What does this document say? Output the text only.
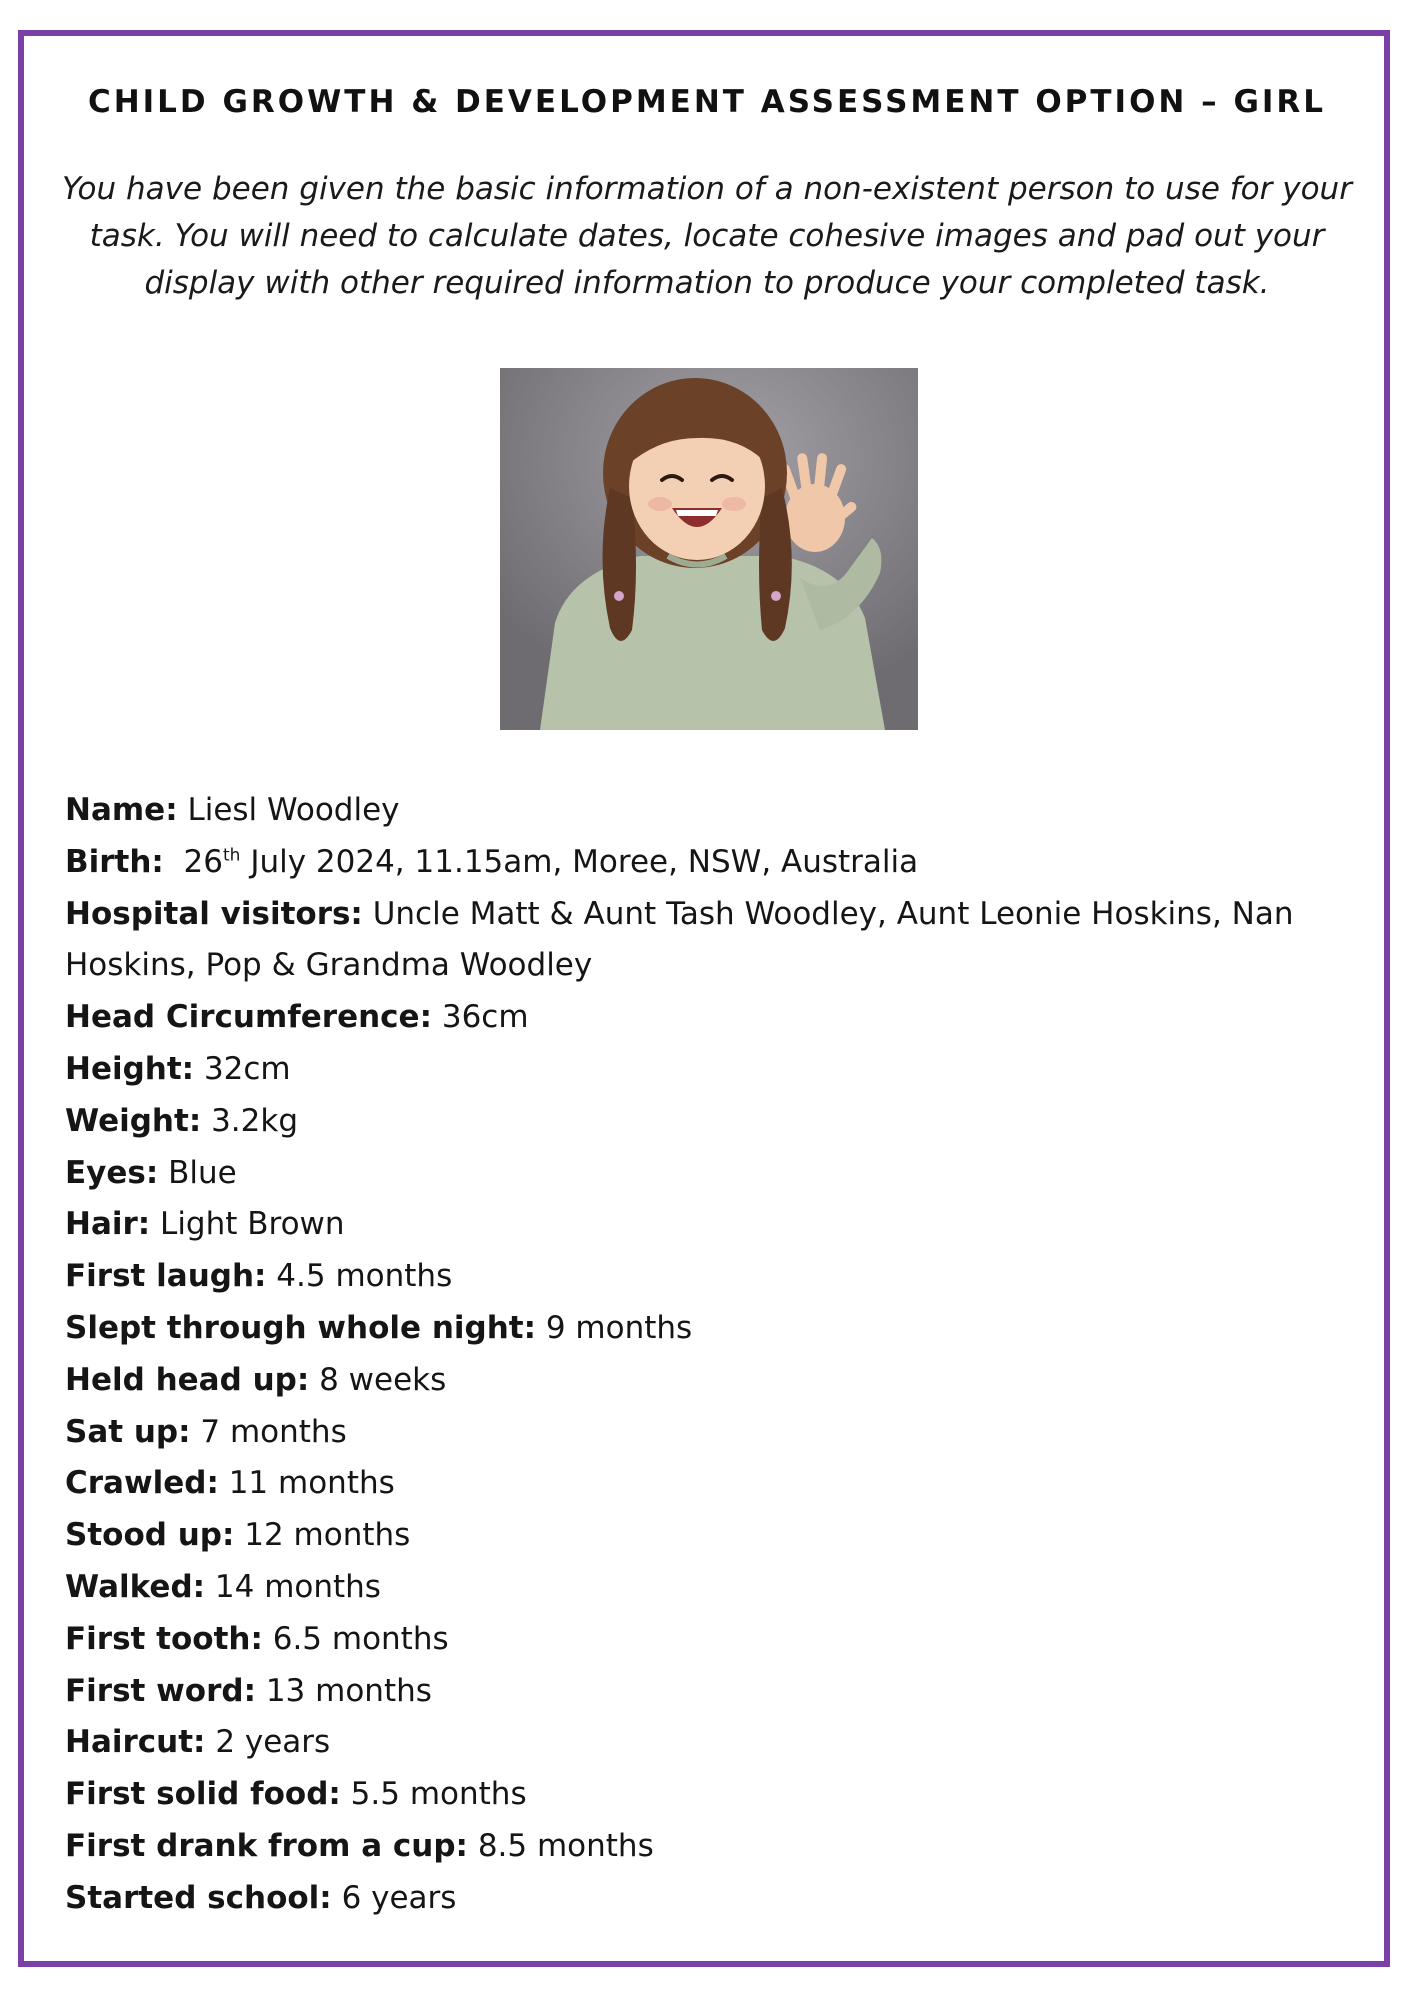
CHILD GROWTH & DEVELOPMENT ASSESSMENT OPTION – GIRL
You have been given the basic information of a non-existent person to use for your task. You will need to calculate dates, locate cohesive images and pad out your display with other required information to produce your completed task.

Name: Liesl Woodley

Birth: 26th July 2024, 11.15am, Moree, NSW, Australia

Hospital visitors: Uncle Matt & Aunt Tash Woodley, Aunt Leonie Hoskins, Nan Hoskins, Pop & Grandma Woodley

Head Circumference: 36cm

Height: 32cm

Weight: 3.2kg

Eyes: Blue

Hair: Light Brown

First laugh: 4.5 months

Slept through whole night: 9 months

Held head up: 8 weeks

Sat up: 7 months

Crawled: 11 months

Stood up: 12 months

Walked: 14 months

First tooth: 6.5 months

First word: 13 months

Haircut: 2 years

First solid food: 5.5 months

First drank from a cup: 8.5 months

Started school: 6 years
